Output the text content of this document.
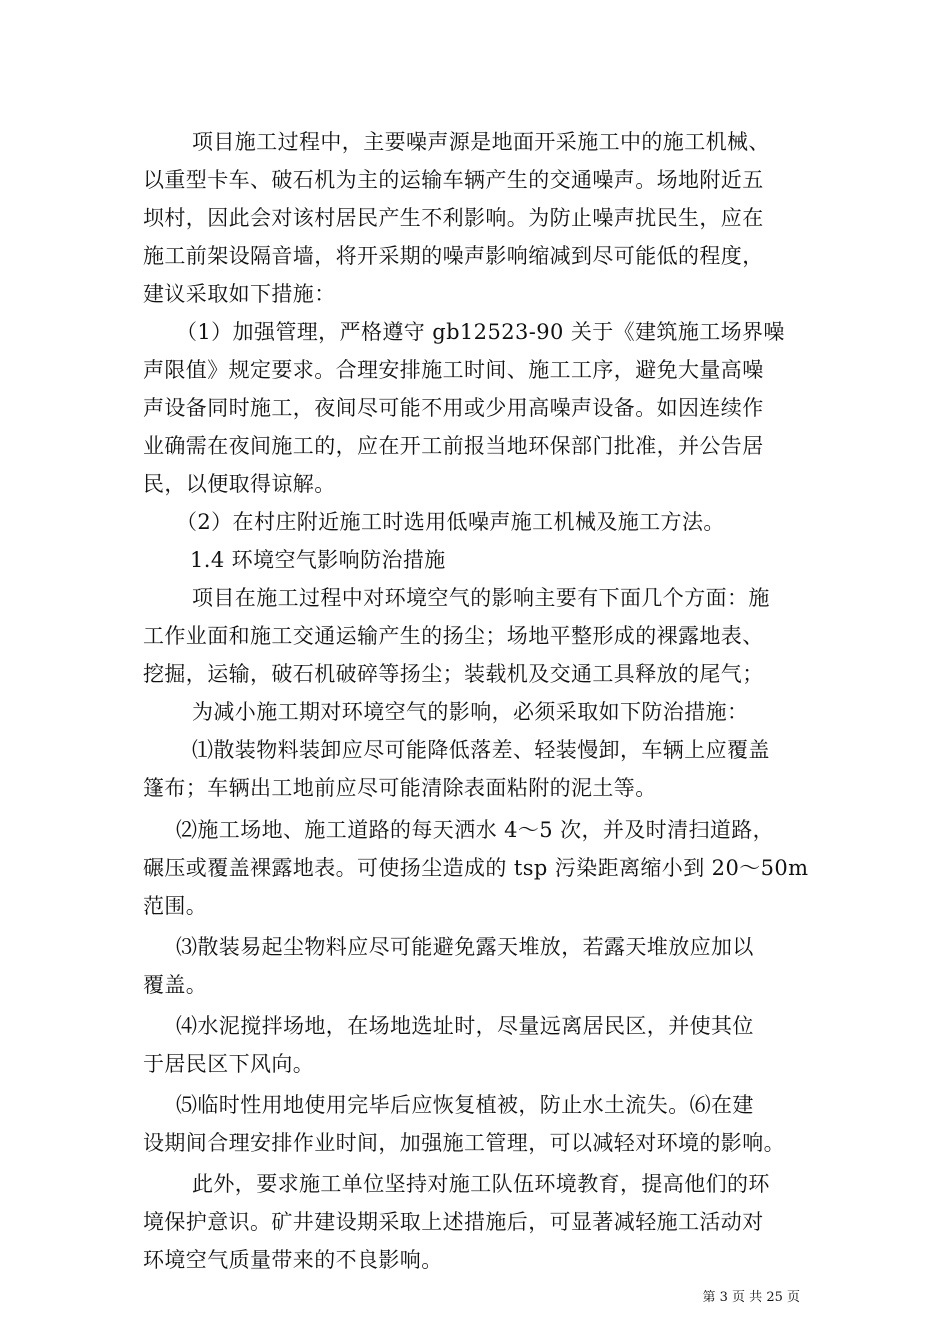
项目施工过程中，主要噪声源是地面开采施工中的施工机械、
以重型卡车、破石机为主的运输车辆产生的交通噪声。场地附近五
坝村，因此会对该村居民产生不利影响。为防止噪声扰民生，应在
施工前架设隔音墙，将开采期的噪声影响缩减到尽可能低的程度，
建议采取如下措施：
（1）加强管理，严格遵守 gb12523-90 关于《建筑施工场界噪
声限值》规定要求。合理安排施工时间、施工工序，避免大量高噪
声设备同时施工，夜间尽可能不用或少用高噪声设备。如因连续作
业确需在夜间施工的，应在开工前报当地环保部门批准，并公告居
民，以便取得谅解。
（2）在村庄附近施工时选用低噪声施工机械及施工方法。
1.4 环境空气影响防治措施
项目在施工过程中对环境空气的影响主要有下面几个方面：施
工作业面和施工交通运输产生的扬尘；场地平整形成的裸露地表、
挖掘，运输，破石机破碎等扬尘；装载机及交通工具释放的尾气；
为减小施工期对环境空气的影响，必须采取如下防治措施：
⑴散装物料装卸应尽可能降低落差、轻装慢卸，车辆上应覆盖
篷布；车辆出工地前应尽可能清除表面粘附的泥土等。
⑵施工场地、施工道路的每天洒水 4～5 次，并及时清扫道路，
碾压或覆盖裸露地表。可使扬尘造成的 tsp 污染距离缩小到 20～50m
范围。
⑶散装易起尘物料应尽可能避免露天堆放，若露天堆放应加以
覆盖。
⑷水泥搅拌场地，在场地选址时，尽量远离居民区，并使其位
于居民区下风向。
⑸临时性用地使用完毕后应恢复植被，防止水土流失。⑹在建
设期间合理安排作业时间，加强施工管理，可以减轻对环境的影响。
此外，要求施工单位坚持对施工队伍环境教育，提高他们的环
境保护意识。矿井建设期采取上述措施后，可显著减轻施工活动对
环境空气质量带来的不良影响。
第 3 页 共 25 页
